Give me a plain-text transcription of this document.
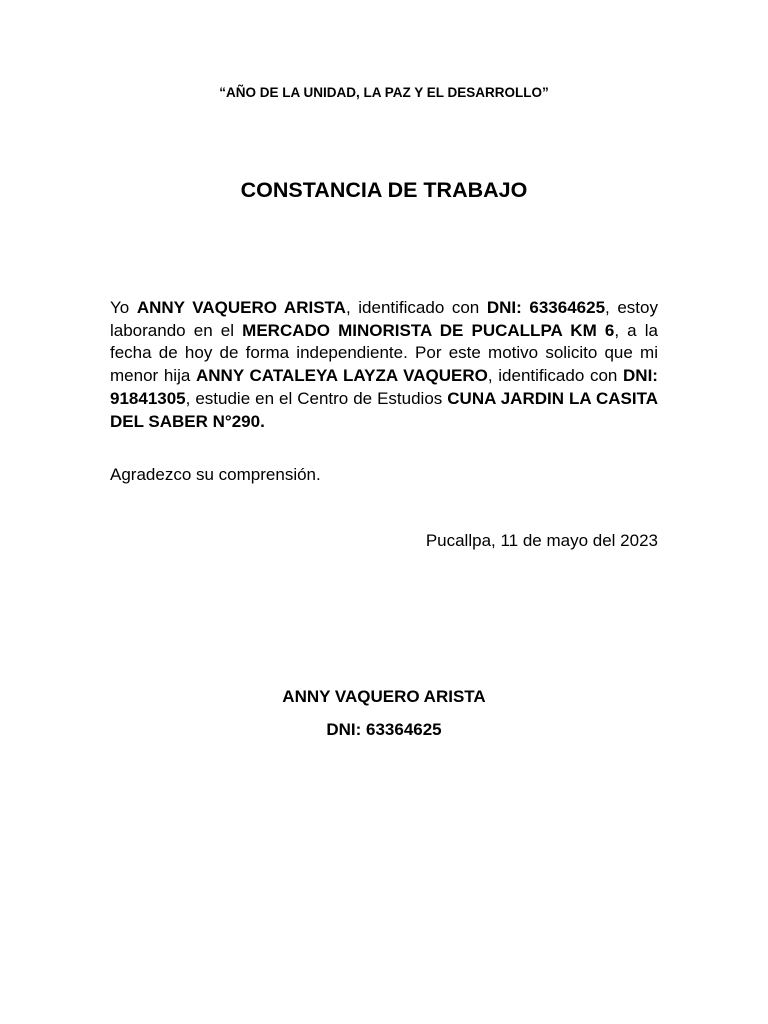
“AÑO DE LA UNIDAD, LA PAZ Y EL DESARROLLO”
CONSTANCIA DE TRABAJO

Yo ANNY VAQUERO ARISTA, identificado con DNI: 63364625, estoy laborando en el MERCADO MINORISTA DE PUCALLPA KM 6, a la fecha de hoy de forma independiente. Por este motivo solicito que mi menor hija ANNY CATALEYA LAYZA VAQUERO, identificado con DNI: 91841305, estudie en el Centro de Estudios CUNA JARDIN LA CASITA DEL SABER N°290.

Agradezco su comprensión.

Pucallpa, 11 de mayo del 2023
ANNY VAQUERO ARISTA
DNI: 63364625
